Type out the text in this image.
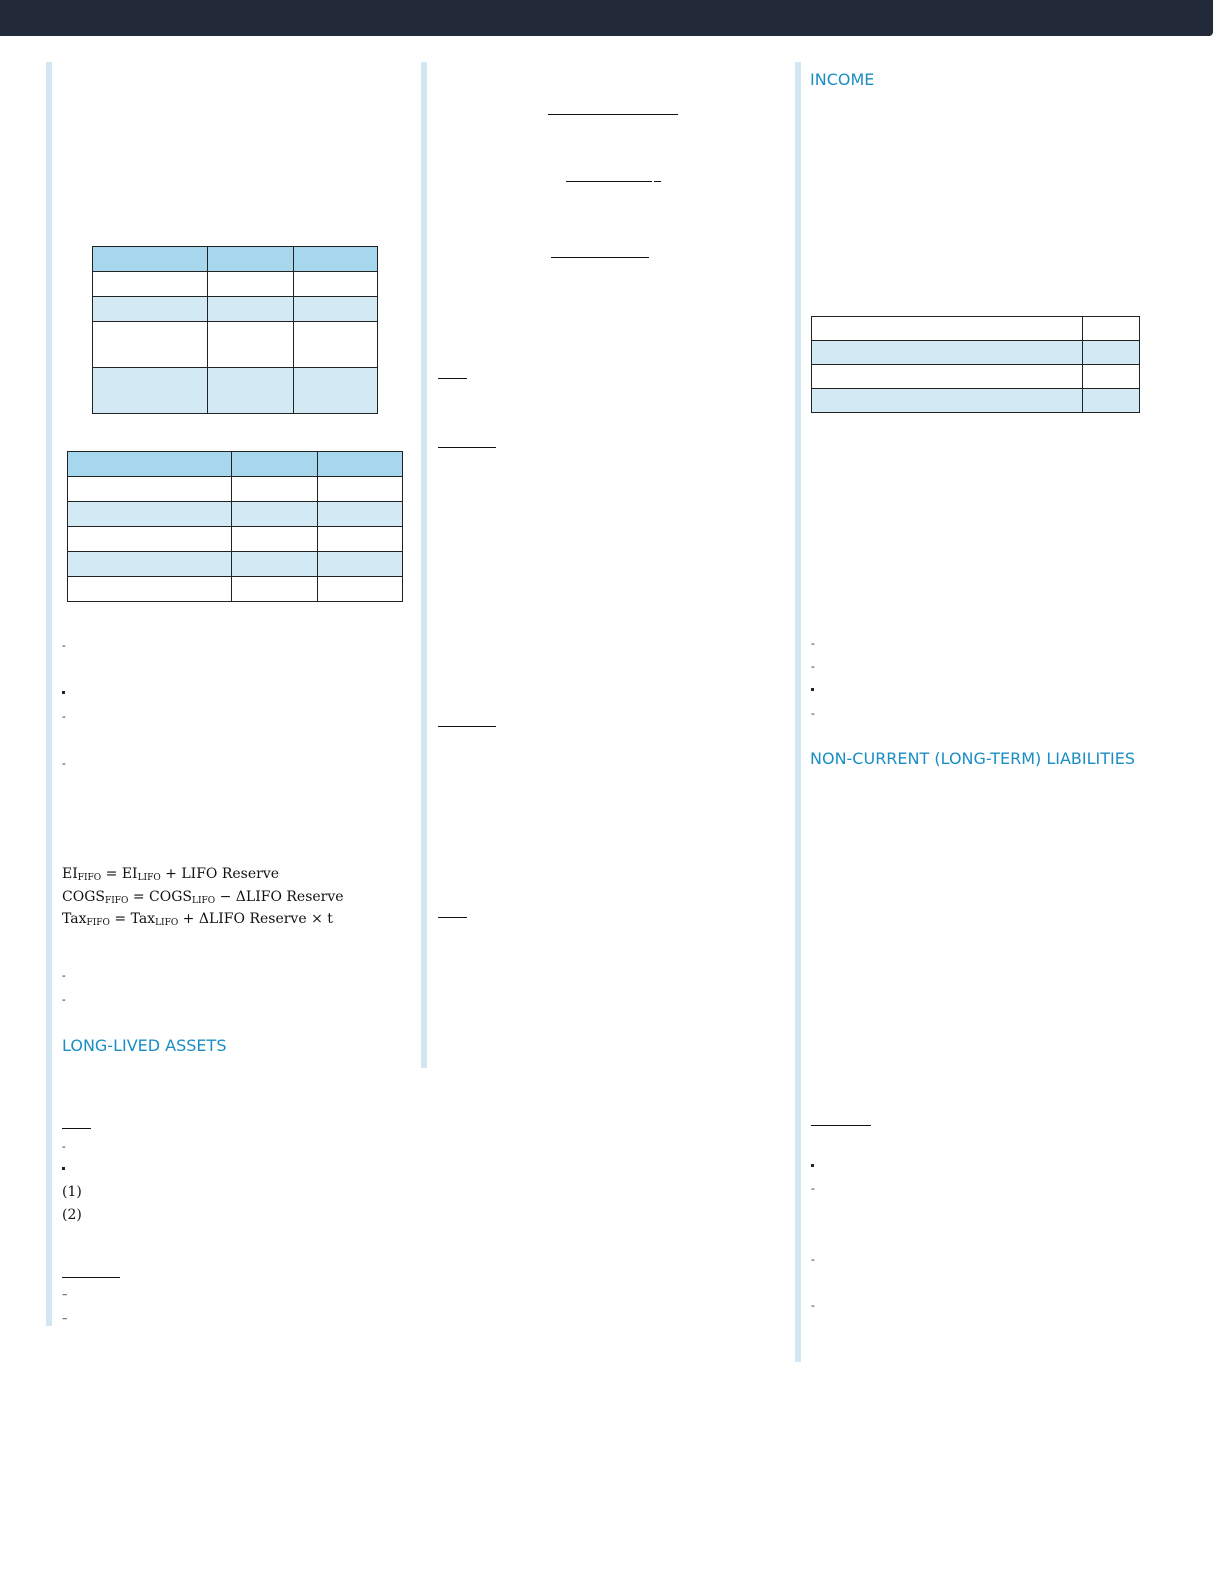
-
-
-
$EI_{FIFO} = EI_{LIFO}$ + LIFO Reserve
$COGS_{FIFO}$ = $COGS_{LIFO}$ − ΔLIFO Reserve
Tax$_{FIFO}$ = Tax$_{LIFO}$ + ΔLIFO Reserve × t
-
-
LONG-LIVED ASSETS
-
(1)
(2)
–
–
INCOME

-
-
-
NON-CURRENT (LONG-TERM) LIABILITIES
-
-
-
